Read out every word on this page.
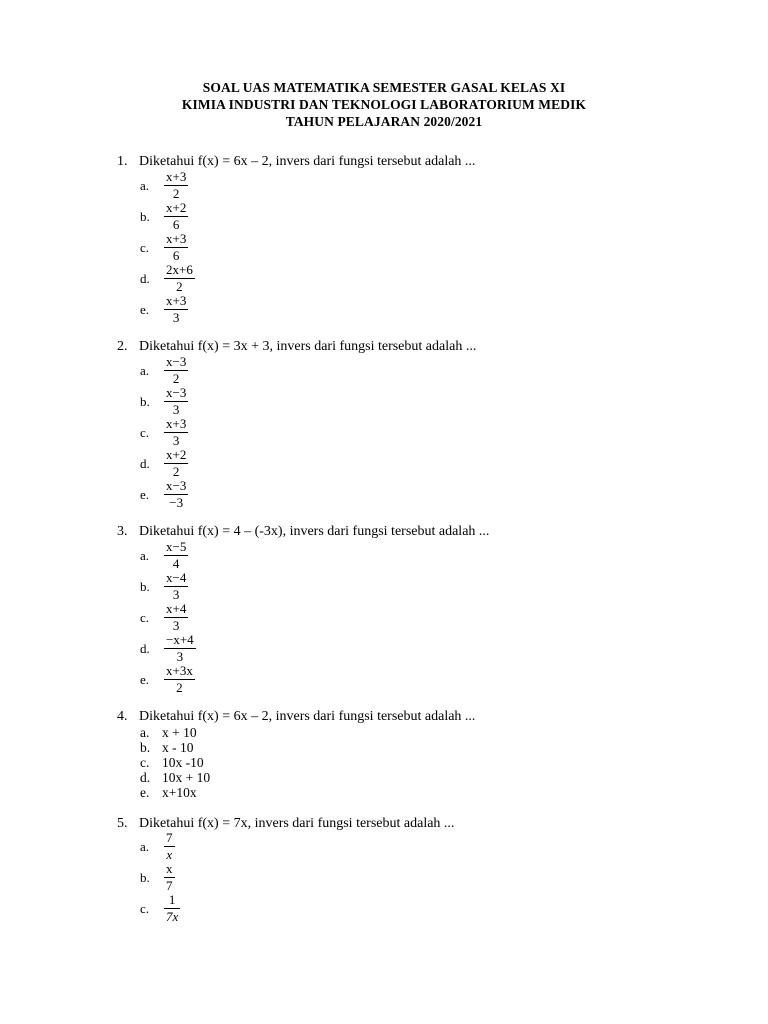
SOAL UAS MATEMATIKA SEMESTER GASAL KELAS XI
KIMIA INDUSTRI DAN TEKNOLOGI LABORATORIUM MEDIK
TAHUN PELAJARAN 2020/2021
1. Diketahui f(x) = 6x – 2, invers dari fungsi tersebut adalah ...
a.
x+3
2
b.
x+2
6
c.
x+3
6
d.
2x+6
2
e.
x+3
3
2. Diketahui f(x) = 3x + 3, invers dari fungsi tersebut adalah ...
a.
x−3
2
b.
x−3
3
c.
x+3
3
d.
x+2
2
e.
x−3
−3
3. Diketahui f(x) = 4 – (-3x), invers dari fungsi tersebut adalah ...
a.
x−5
4
b.
x−4
3
c.
x+4
3
d.
−x+4
3
e.
x+3x
2
4. Diketahui f(x) = 6x – 2, invers dari fungsi tersebut adalah ...
a. x + 10
b. x - 10
c. 10x -10
d. 10x + 10
e. x+10x
5. Diketahui f(x) = 7x, invers dari fungsi tersebut adalah ...
a.
7
x
b.
x
7
c.
1
7x
